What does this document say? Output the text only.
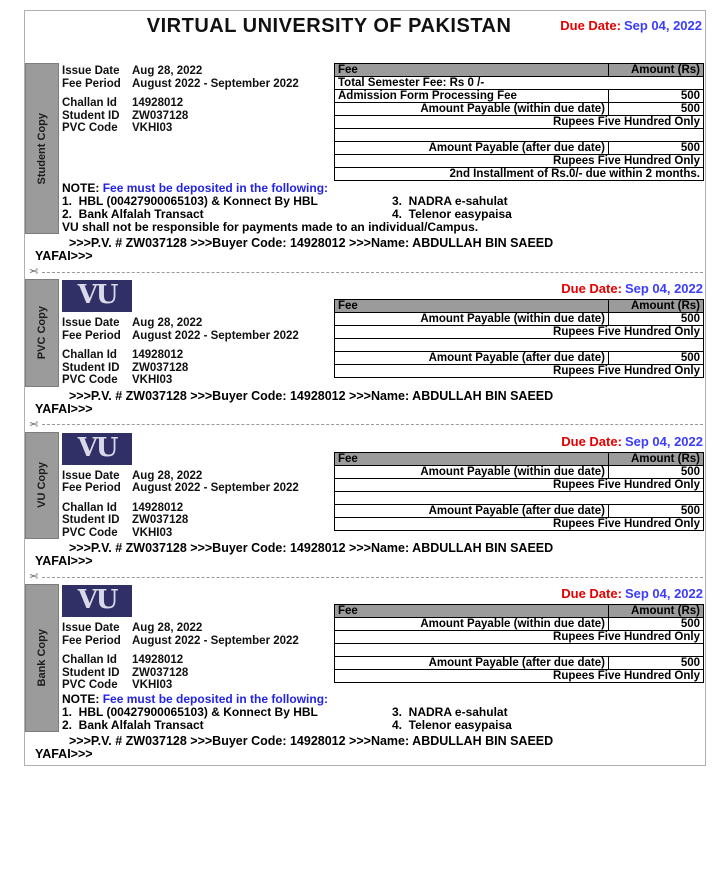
VIRTUAL UNIVERSITY OF PAKISTAN	Due Date: Sep 04, 2022
Student Copy
Issue Date Aug 28, 2022
Fee Period August 2022 - September 2022
Challan Id 14928012
Student ID ZW037128
PVC Code VKHI03
Fee	Amount (Rs)
Total Semester Fee: Rs 0 /-	
Admission Form Processing Fee	500
Amount Payable (within due date)	500
Rupees Five Hundred Only	

Amount Payable (after due date)	500
Rupees Five Hundred Only	
2nd Installment of Rs.0/- due within 2 months.	
NOTE: Fee must be deposited in the following:
1.  HBL (00427900065103) & Konnect By HBL	3.  NADRA e-sahulat
2.  Bank Alfalah Transact	4.  Telenor easypaisa
VU shall not be responsible for payments made to an individual/Campus.
>>>P.V. # ZW037128 >>>Buyer Code: 14928012 >>>Name: ABDULLAH BIN SAEED YAFAI>>>
✂
PVC Copy
VU
Issue Date Aug 28, 2022
Fee Period August 2022 - September 2022
Challan Id 14928012
Student ID ZW037128
PVC Code VKHI03
Due Date: Sep 04, 2022
Fee	Amount (Rs)
Amount Payable (within due date)	500
Rupees Five Hundred Only	

Amount Payable (after due date)	500
Rupees Five Hundred Only	
>>>P.V. # ZW037128 >>>Buyer Code: 14928012 >>>Name: ABDULLAH BIN SAEED YAFAI>>>
✂
VU Copy
VU
Issue Date Aug 28, 2022
Fee Period August 2022 - September 2022
Challan Id 14928012
Student ID ZW037128
PVC Code VKHI03
Due Date: Sep 04, 2022
Fee	Amount (Rs)
Amount Payable (within due date)	500
Rupees Five Hundred Only	

Amount Payable (after due date)	500
Rupees Five Hundred Only	
>>>P.V. # ZW037128 >>>Buyer Code: 14928012 >>>Name: ABDULLAH BIN SAEED YAFAI>>>
✂
Bank Copy
VU
Issue Date Aug 28, 2022
Fee Period August 2022 - September 2022
Challan Id 14928012
Student ID ZW037128
PVC Code VKHI03
Due Date: Sep 04, 2022
Fee	Amount (Rs)
Amount Payable (within due date)	500
Rupees Five Hundred Only	

Amount Payable (after due date)	500
Rupees Five Hundred Only	
NOTE: Fee must be deposited in the following:
1.  HBL (00427900065103) & Konnect By HBL	3.  NADRA e-sahulat
2.  Bank Alfalah Transact	4.  Telenor easypaisa
>>>P.V. # ZW037128 >>>Buyer Code: 14928012 >>>Name: ABDULLAH BIN SAEED YAFAI>>>
